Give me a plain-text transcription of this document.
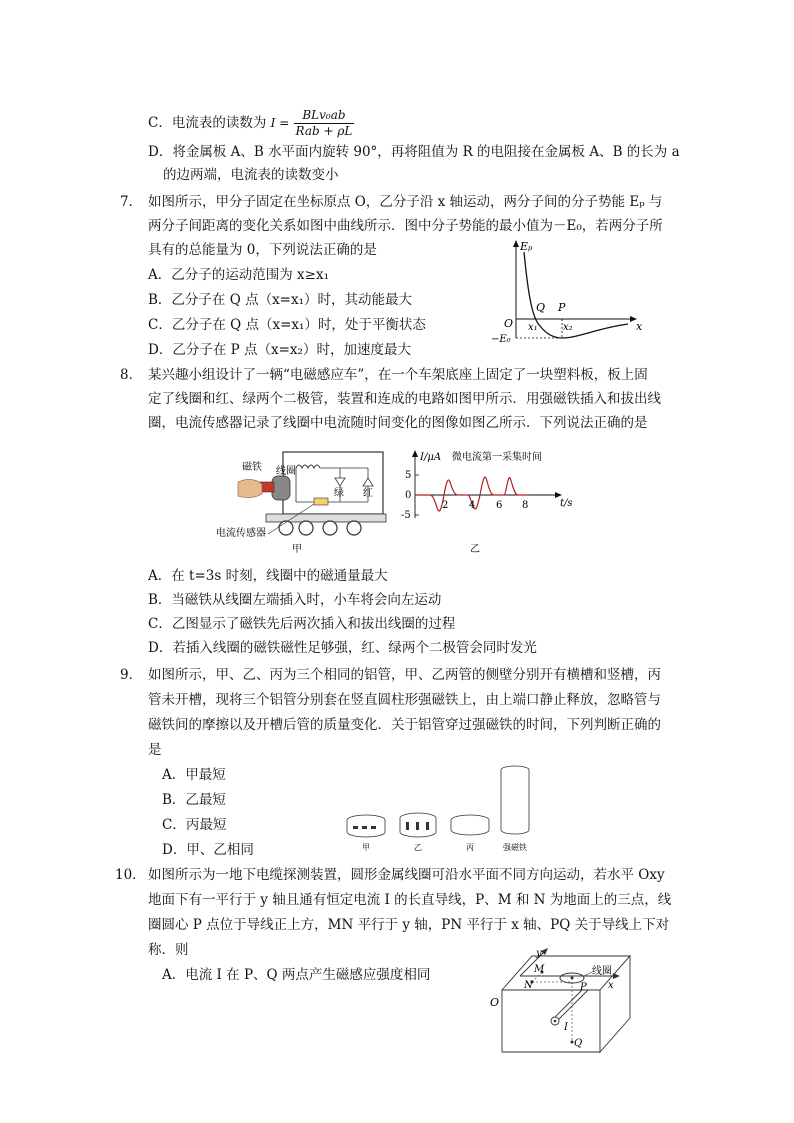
C．电流表的读数为 $I = \frac{\text{BLv₀ab}}{\text{Rab + ρL}}$
D．将金属板 A、B 水平面内旋转 90°，再将阻值为 R 的电阻接在金属板 A、B 的长为 a
的边两端，电流表的读数变小
7． 如图所示，甲分子固定在坐标原点 O，乙分子沿 x 轴运动，两分子间的分子势能 Eₚ 与
两分子间距离的变化关系如图中曲线所示．图中分子势能的最小值为－E₀，若两分子所
具有的总能量为 0，下列说法正确的是
A．乙分子的运动范围为 x≥x₁
B．乙分子在 Q 点（x=x₁）时，其动能最大
C．乙分子在 Q 点（x=x₁）时，处于平衡状态
D．乙分子在 P 点（x=x₂）时，加速度最大
Eₚ
O
Q P
x₁	x₂	x
−E₀
8． 某兴趣小组设计了一辆“电磁感应车”，在一个车架底座上固定了一块塑料板，板上固
定了线圈和红、绿两个二极管，装置和连成的电路如图甲所示．用强磁铁插入和拔出线
圈，电流传感器记录了线圈中电流随时间变化的图像如图乙所示．下列说法正确的是
磁铁 线圈
绿 红
电流传感器
甲
I/μA 微电流第一采集时间
5
0
-5
2 4 6 8	t/s
乙
A．在 t=3s 时刻，线圈中的磁通量最大
B．当磁铁从线圈左端插入时，小车将会向左运动
C．乙图显示了磁铁先后两次插入和拔出线圈的过程
D．若插入线圈的磁铁磁性足够强，红、绿两个二极管会同时发光
9． 如图所示，甲、乙、丙为三个相同的铝管，甲、乙两管的侧壁分别开有横槽和竖槽，丙
管未开槽，现将三个铝管分别套在竖直圆柱形强磁铁上，由上端口静止释放，忽略管与
磁铁间的摩擦以及开槽后管的质量变化．关于铝管穿过强磁铁的时间，下列判断正确的
是
A．甲最短
B．乙最短
C．丙最短
D．甲、乙相同	甲	乙	丙	强磁铁
10． 如图所示为一地下电缆探测装置，圆形金属线圈可沿水平面不同方向运动，若水平 Oxy
地面下有一平行于 y 轴且通有恒定电流 I 的长直导线，P、M 和 N 为地面上的三点，线
圈圆心 P 点位于导线正上方，MN 平行于 y 轴，PN 平行于 x 轴、PQ 关于导线上下对
称．则
A．电流 I 在 P、Q 两点产生磁感应强度相同
y
x
O
M
N	P
Q
I
线圈
